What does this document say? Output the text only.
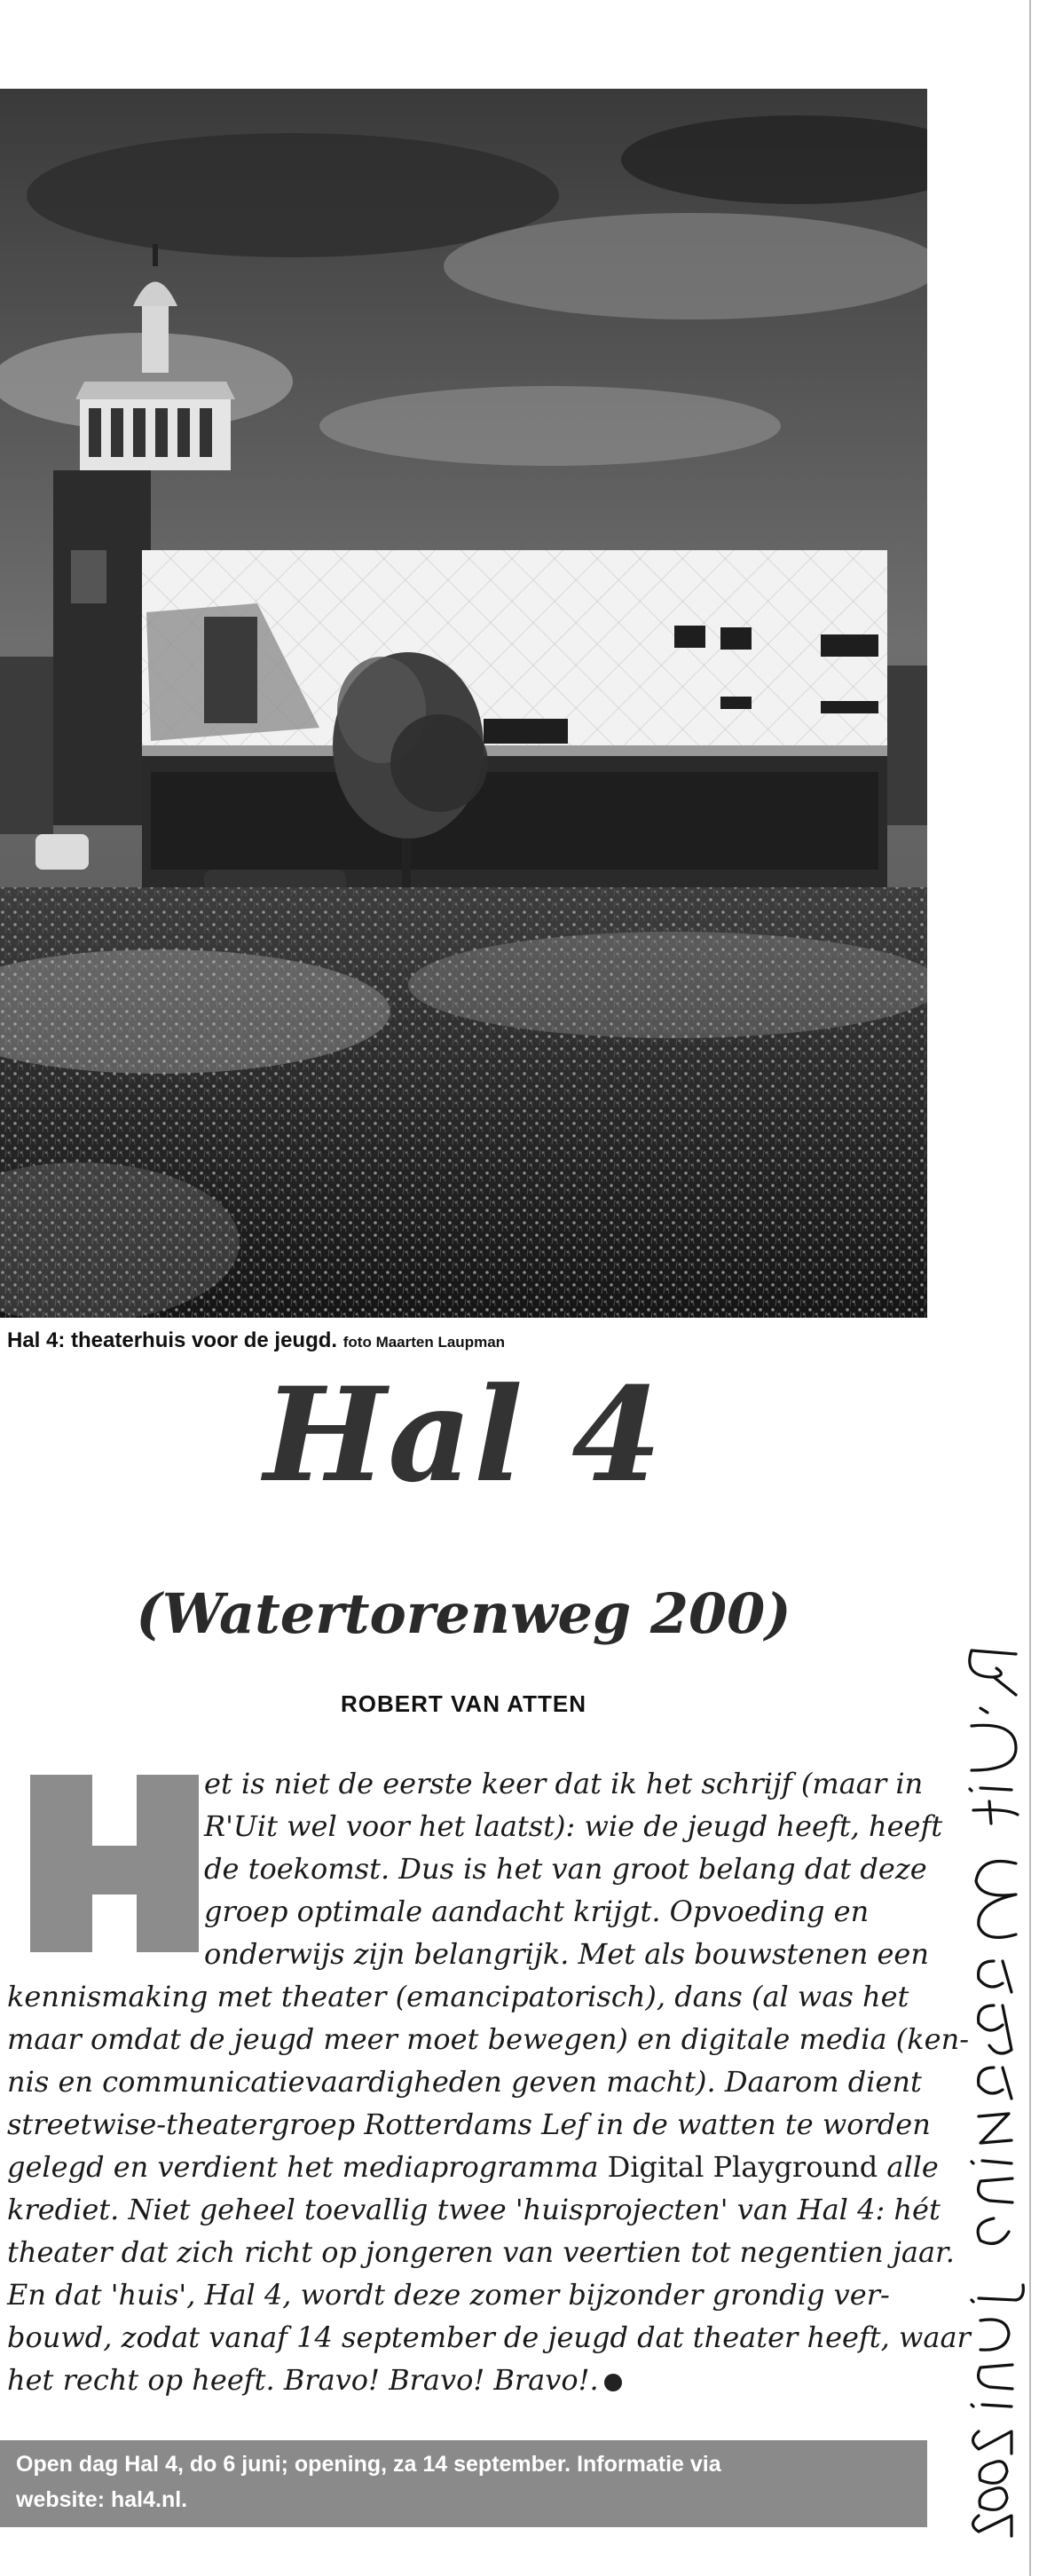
Hal 4: theaterhuis voor de jeugd. foto Maarten Laupman
Hal 4
(Watertorenweg 200)
ROBERT VAN ATTEN
et is niet de eerste keer dat ik het schrijf (maar in
R'Uit wel voor het laatst): wie de jeugd heeft, heeft
de toekomst. Dus is het van groot belang dat deze
groep optimale aandacht krijgt. Opvoeding en
onderwijs zijn belangrijk. Met als bouwstenen een
kennismaking met theater (emancipatorisch), dans (al was het
maar omdat de jeugd meer moet bewegen) en digitale media (ken-
nis en communicatievaardigheden geven macht). Daarom dient
streetwise-theatergroep Rotterdams Lef in de watten te worden
gelegd en verdient het mediaprogramma Digital Playground alle
krediet. Niet geheel toevallig twee 'huisprojecten' van Hal 4: hét
theater dat zich richt op jongeren van veertien tot negentien jaar.
En dat 'huis', Hal 4, wordt deze zomer bijzonder grondig ver-
bouwd, zodat vanaf 14 september de jeugd dat theater heeft, waar
het recht op heeft. Bravo! Bravo! Bravo!.
Open dag Hal 4, do 6 juni; opening, za 14 september. Informatie via
website: hal4.nl.
